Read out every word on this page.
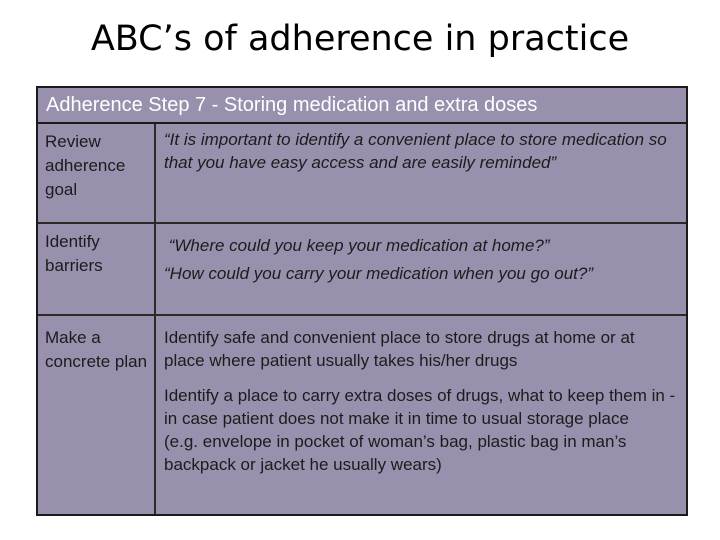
ABC’s of adherence in practice
Adherence Step 7 - Storing medication and extra doses
Review adherence goal
“It is important to identify a convenient place to store medication so that you have easy access and are easily reminded”
Identify barriers
“Where could you keep your medication at home?”
“How could you carry your medication when you go out?”
Make a concrete plan
Identify safe and convenient place to store drugs at home or at place where patient usually takes his/her drugs
Identify a place to carry extra doses of drugs, what to keep them in - in case patient does not make it in time to usual storage place
(e.g. envelope in pocket of woman’s bag, plastic bag in man’s backpack or jacket he usually wears)
